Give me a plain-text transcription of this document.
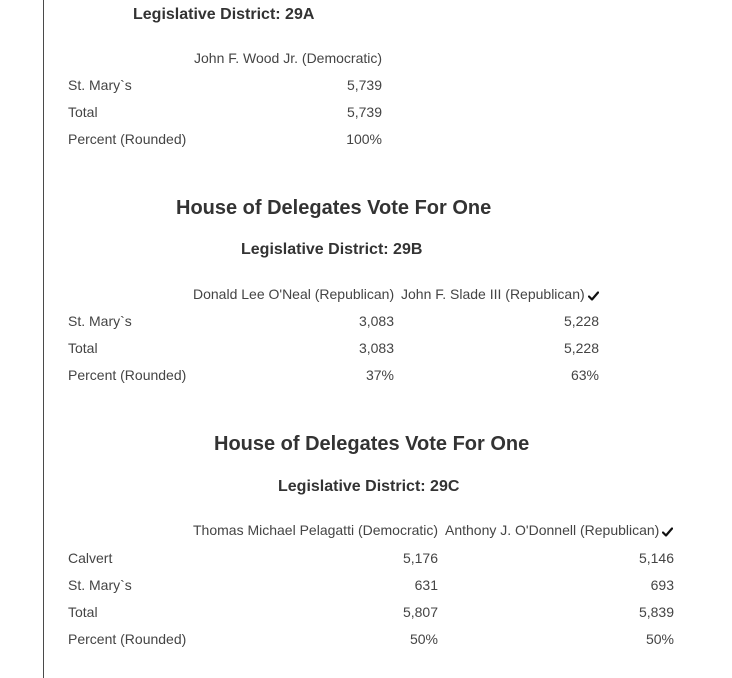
Legislative District: 29A
John F. Wood Jr. (Democratic)
St. Mary`s	5,739
Total	5,739
Percent (Rounded)	100%
House of Delegates Vote For One
Legislative District: 29B
Donald Lee O'Neal (Republican) John F. Slade III (Republican)
St. Mary`s	3,083	5,228
Total	3,083	5,228
Percent (Rounded)	37%	63%
House of Delegates Vote For One
Legislative District: 29C
Thomas Michael Pelagatti (Democratic) Anthony J. O'Donnell (Republican)
Calvert	5,176	5,146
St. Mary`s	631	693
Total	5,807	5,839
Percent (Rounded)	50%	50%
